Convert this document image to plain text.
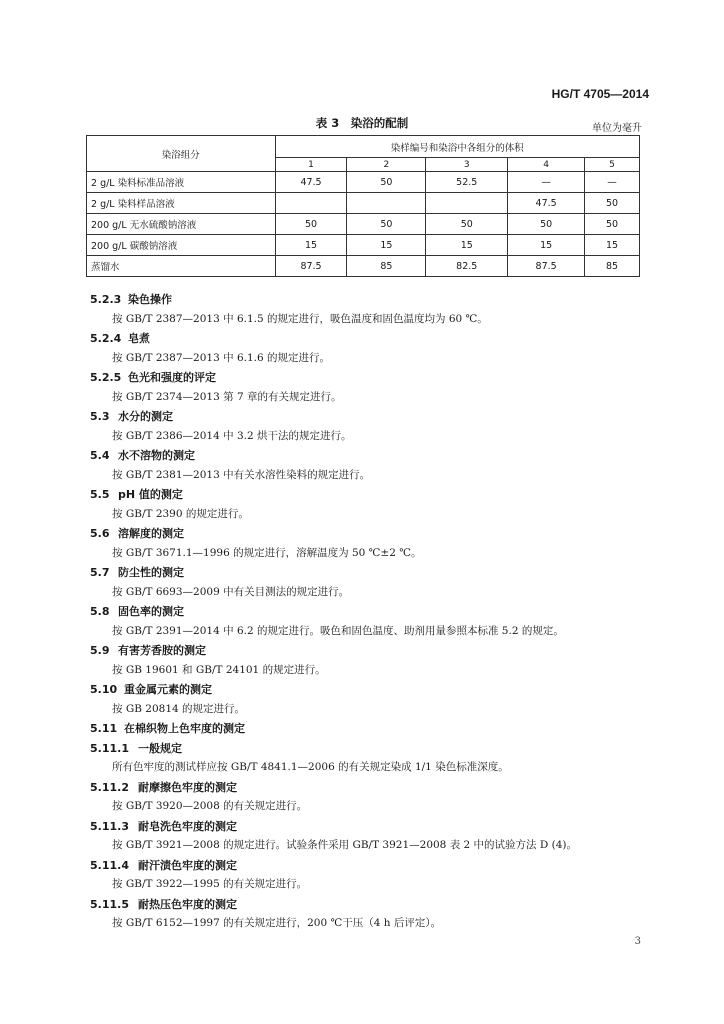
HG/T 4705—2014
表 3　染浴的配制	单位为毫升
染浴组分	染样编号和染浴中各组分的体积				
	1	2	3	4	5
2 g/L 染料标准品溶液	47.5	50	52.5	—	—
2 g/L 染料样品溶液				47.5	50
200 g/L 无水硫酸钠溶液	50	50	50	50	50
200 g/L 碳酸钠溶液	15	15	15	15	15
蒸馏水	87.5	85	82.5	87.5	85
5.2.3 染色操作
按 GB/T 2387—2013 中 6.1.5 的规定进行，吸色温度和固色温度均为 60 ℃。
5.2.4 皂煮
按 GB/T 2387—2013 中 6.1.6 的规定进行。
5.2.5 色光和强度的评定
按 GB/T 2374—2013 第 7 章的有关规定进行。
5.3 水分的测定
按 GB/T 2386—2014 中 3.2 烘干法的规定进行。
5.4 水不溶物的测定
按 GB/T 2381—2013 中有关水溶性染料的规定进行。
5.5 pH 值的测定
按 GB/T 2390 的规定进行。
5.6 溶解度的测定
按 GB/T 3671.1—1996 的规定进行，溶解温度为 50 ℃±2 ℃。
5.7 防尘性的测定
按 GB/T 6693—2009 中有关目测法的规定进行。
5.8 固色率的测定
按 GB/T 2391—2014 中 6.2 的规定进行。吸色和固色温度、助剂用量参照本标准 5.2 的规定。
5.9 有害芳香胺的测定
按 GB 19601 和 GB/T 24101 的规定进行。
5.10 重金属元素的测定
按 GB 20814 的规定进行。
5.11 在棉织物上色牢度的测定
5.11.1 一般规定
所有色牢度的测试样应按 GB/T 4841.1—2006 的有关规定染成 1/1 染色标准深度。
5.11.2 耐摩擦色牢度的测定
按 GB/T 3920—2008 的有关规定进行。
5.11.3 耐皂洗色牢度的测定
按 GB/T 3921—2008 的规定进行。试验条件采用 GB/T 3921—2008 表 2 中的试验方法 D (4)。
5.11.4 耐汗渍色牢度的测定
按 GB/T 3922—1995 的有关规定进行。
5.11.5 耐热压色牢度的测定
按 GB/T 6152—1997 的有关规定进行，200 ℃干压（4 h 后评定）。
3
